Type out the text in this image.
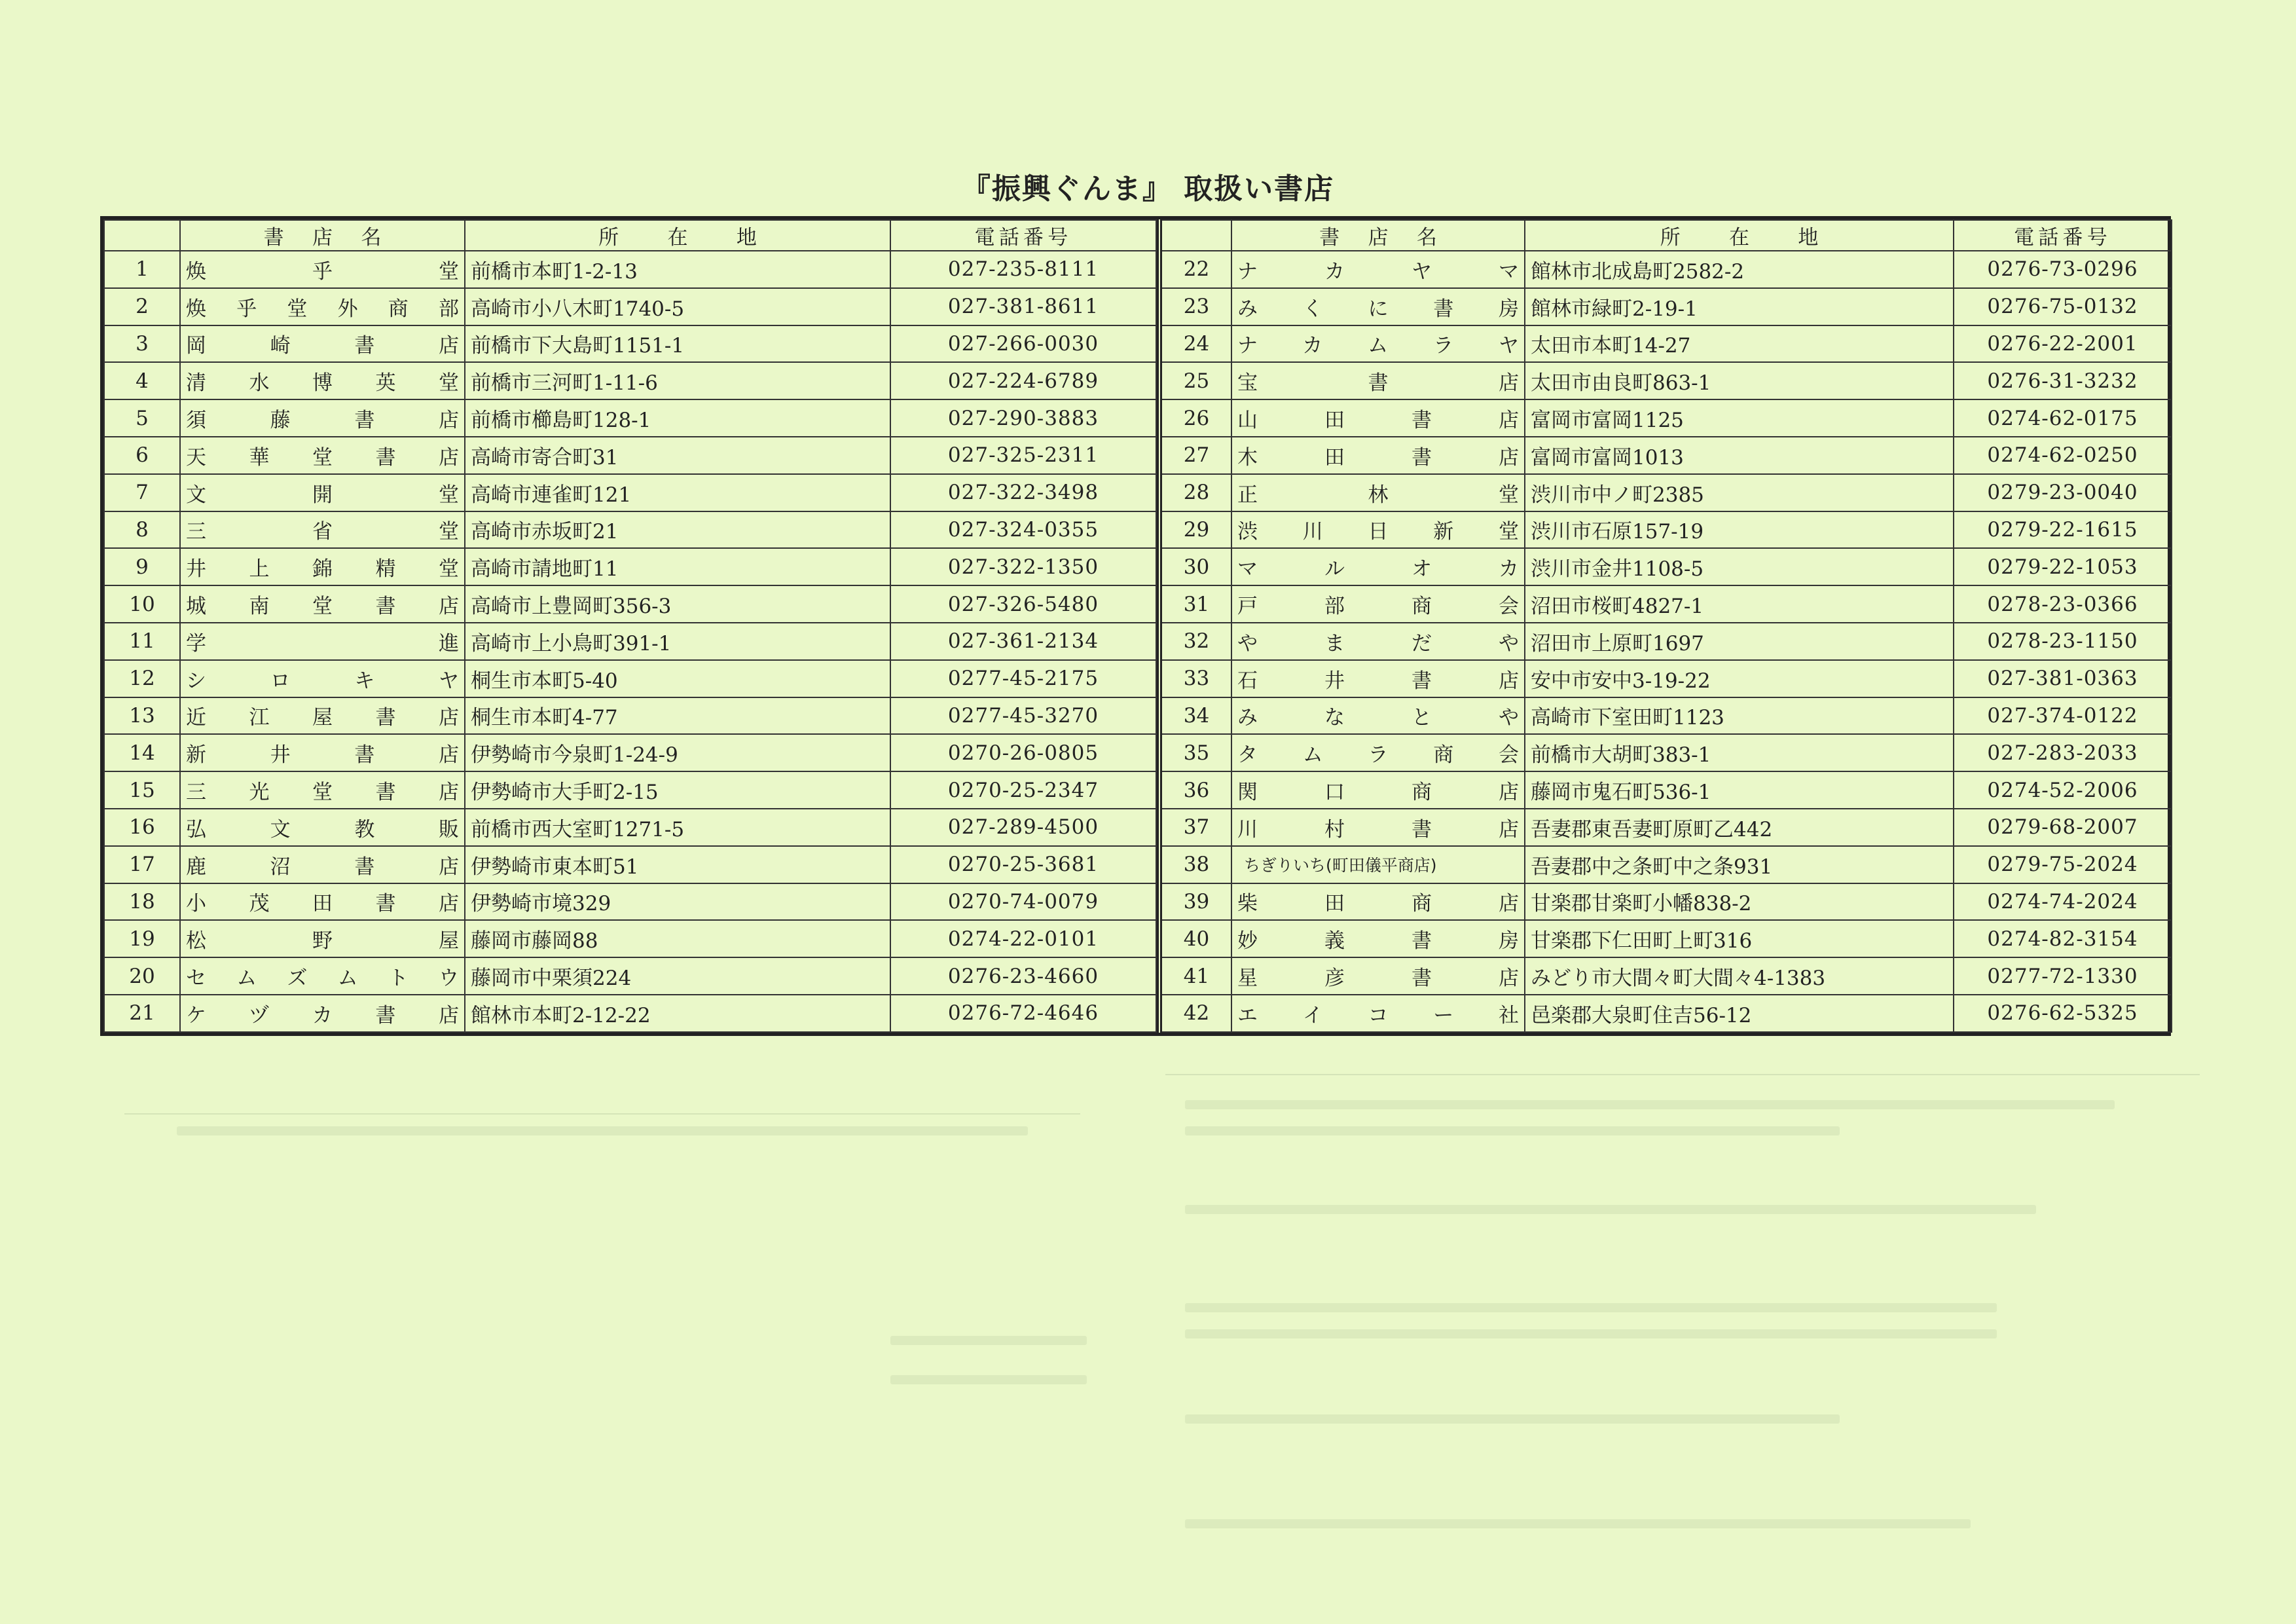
『振興ぐんま』 取扱い書店
	書店名	所在地	電話番号
1	焕 乎 堂	前橋市本町1-2-13	027-235-8111
2	焕乎堂外商部	高崎市小八木町1740-5	027-381-8611
3	岡 崎 書 店	前橋市下大島町1151-1	027-266-0030
4	清水博英堂	前橋市三河町1-11-6	027-224-6789
5	須 藤 書 店	前橋市⁠櫛島町128-1	027-290-3883
6	天華堂書店	高崎市寄合町31	027-325-2311
7	文 開 堂	高崎市連雀町121	027-322-3498
8	三 省 堂	高崎市赤坂町21	027-324-0355
9	井上錦精堂	高崎市請地町11	027-322-1350
10	城南堂書店	高崎市上豊岡町356-3	027-326-5480
11	学 進	高崎市上小鳥町391-1	027-361-2134
12	シ ロ キ ヤ	桐生市本町5-40	0277-45-2175
13	近江屋書店	桐生市本町4-77	0277-45-3270
14	新 井 書 店	伊勢崎市今泉町1-24-9	0270-26-0805
15	三光堂書店	伊勢崎市大手町2-15	0270-25-2347
16	弘 文 教 販	前橋市西大室町1271-5	027-289-4500
17	鹿 沼 書 店	伊勢崎市東本町51	0270-25-3681
18	小茂田書店	伊勢崎市境329	0270-74-0079
19	松 野 屋	藤岡市藤岡88	0274-22-0101
20	セムズムトウ	藤岡市中栗須224	0276-23-4660
21	ケヅカ書店	館林市本町2-12-22	0276-72-4646
	書店名	所在地	電話番号
22	ナ カ ヤ マ	館林市北成島町2582-2	0276-73-0296
23	みくに書房	館林市緑町2-19-1	0276-75-0132
24	ナカムラヤ	太田市本町14-27	0276-22-2001
25	宝 書 店	太田市由良町863-1	0276-31-3232
26	山 田 書 店	富岡市富岡1125	0274-62-0175
27	木 田 書 店	富岡市富岡1013	0274-62-0250
28	正 林 堂	渋川市中ノ町2385	0279-23-0040
29	渋川日新堂	渋川市石原157-19	0279-22-1615
30	マ ル オ カ	渋川市金井1108-5	0279-22-1053
31	戸 部 商 会	沼田市桜町4827-1	0278-23-0366
32	や ま だ や	沼田市上原町1697	0278-23-1150
33	石 井 書 店	安中市安中3-19-22	027-381-0363
34	み な と や	高崎市下室田町1123	027-374-0122
35	タ ム ラ 商 会	前橋市大胡町383-1	027-283-2033
36	関 口 商 店	藤岡市鬼石町536-1	0274-52-2006
37	川 村 書 店	吾妻郡東吾妻町原町乙442	0279-68-2007
38	ちぎりいち(町田儀平商店)	吾妻郡中之条町中之条931	0279-75-2024
39	柴 田 商 店	甘楽郡甘楽町小幡838-2	0274-74-2024
40	妙 義 書 房	甘楽郡下仁田町上町316	0274-82-3154
41	星 彦 書 店	みどり市大間々町大間々4-1383	0277-72-1330
42	エ イ コ ー 社	邑楽郡大泉町住吉56-12	0276-62-5325
